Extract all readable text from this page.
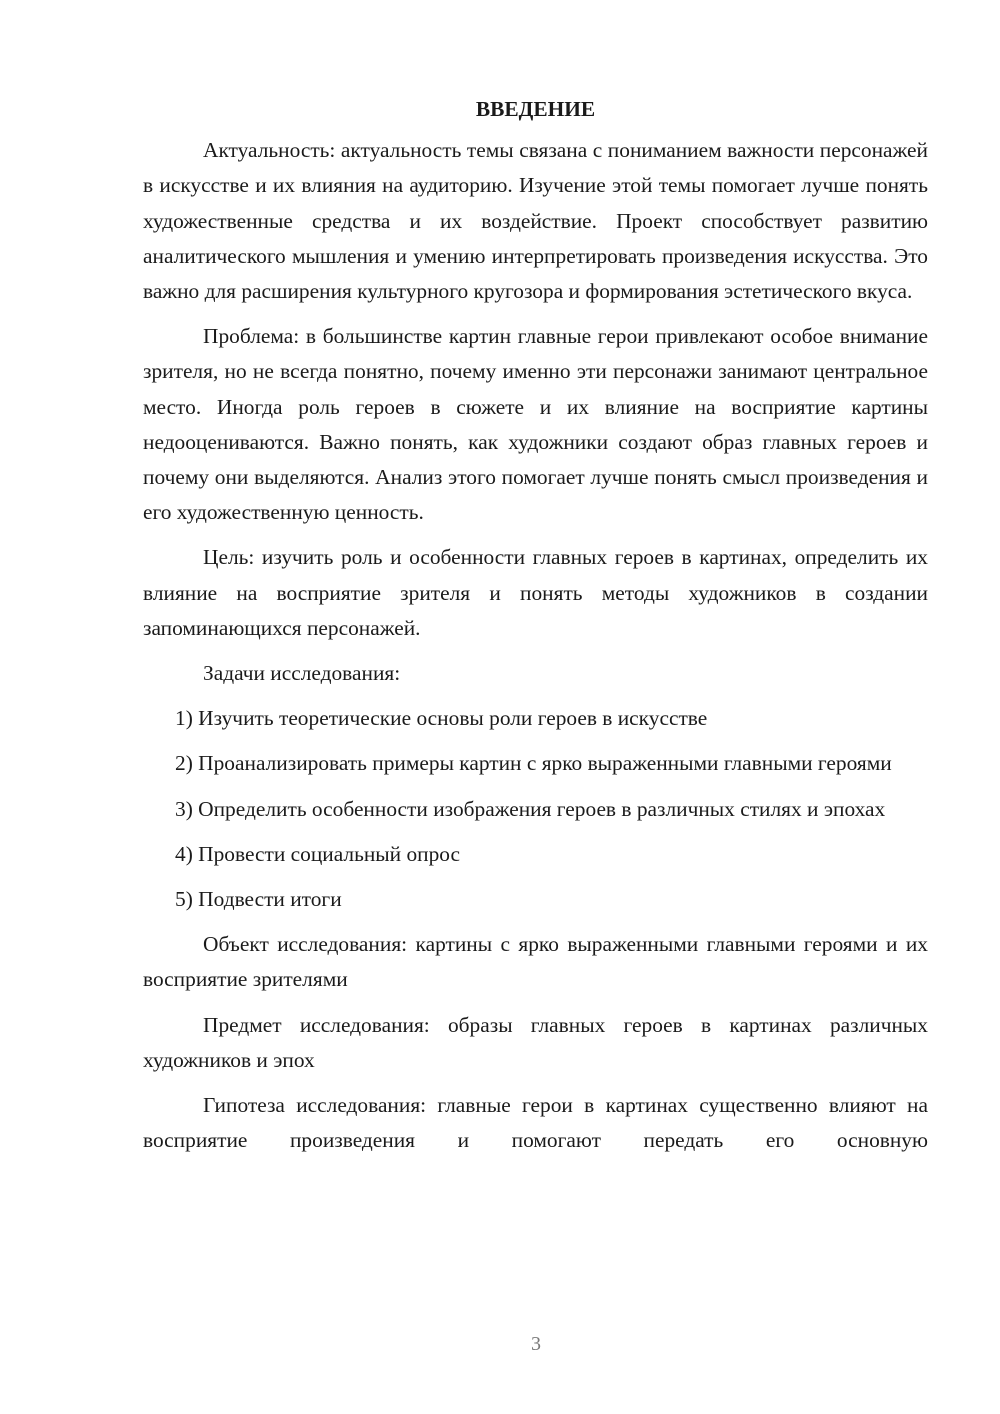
ВВЕДЕНИЕ

Актуальность: актуальность темы связана с пониманием важности персонажей в искусстве и их влияния на аудиторию. Изучение этой темы помогает лучше понять художественные средства и их воздействие. Проект способствует развитию аналитического мышления и умению интерпретировать произведения искусства. Это важно для расширения культурного кругозора и формирования эстетического вкуса.

Проблема: в большинстве картин главные герои привлекают особое внимание зрителя, но не всегда понятно, почему именно эти персонажи занимают центральное место. Иногда роль героев в сюжете и их влияние на восприятие картины недооцениваются. Важно понять, как художники создают образ главных героев и почему они выделяются. Анализ этого помогает лучше понять смысл произведения и его художественную ценность.

Цель: изучить роль и особенности главных героев в картинах, определить их влияние на восприятие зрителя и понять методы художников в создании запоминающихся персонажей.

Задачи исследования:

1) Изучить теоретические основы роли героев в искусстве

2) Проанализировать примеры картин с ярко выраженными главными героями

3) Определить особенности изображения героев в различных стилях и эпохах

4) Провести социальный опрос

5) Подвести итоги

Объект исследования: картины с ярко выраженными главными героями и их восприятие зрителями

Предмет исследования: образы главных героев в картинах различных художников и эпох

Гипотеза исследования: главные герои в картинах существенно влияют на восприятие произведения и помогают передать его основную

3
